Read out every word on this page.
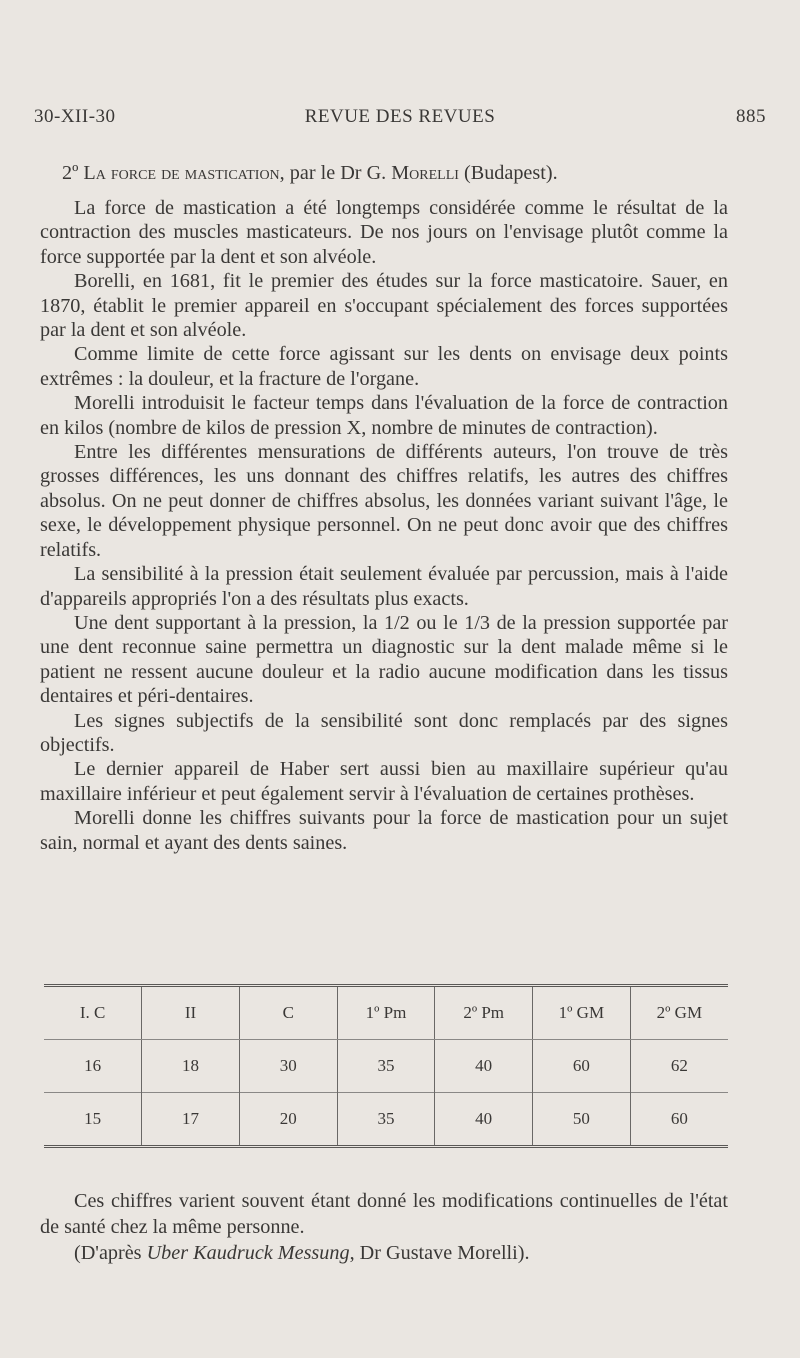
30-XII-30	REVUE DES REVUES	885
2º La force de mastication, par le Dr G. Morelli (Budapest).

La force de mastication a été longtemps considérée comme le résultat de la contraction des muscles masticateurs. De nos jours on l'envisage plutôt comme la force supportée par la dent et son alvéole.

Borelli, en 1681, fit le premier des études sur la force masticatoire. Sauer, en 1870, établit le premier appareil en s'occupant spécialement des forces supportées par la dent et son alvéole.

Comme limite de cette force agissant sur les dents on envisage deux points extrêmes : la douleur, et la fracture de l'organe.

Morelli introduisit le facteur temps dans l'évaluation de la force de contraction en kilos (nombre de kilos de pression X, nombre de minutes de contraction).

Entre les différentes mensurations de différents auteurs, l'on trouve de très grosses différences, les uns donnant des chiffres relatifs, les autres des chiffres absolus. On ne peut donner de chiffres absolus, les données variant suivant l'âge, le sexe, le développement physique personnel. On ne peut donc avoir que des chiffres relatifs.

La sensibilité à la pression était seulement évaluée par percussion, mais à l'aide d'appareils appropriés l'on a des résultats plus exacts.

Une dent supportant à la pression, la 1/2 ou le 1/3 de la pression supportée par une dent reconnue saine permettra un diagnostic sur la dent malade même si le patient ne ressent aucune douleur et la radio aucune modification dans les tissus dentaires et péri-dentaires.

Les signes subjectifs de la sensibilité sont donc remplacés par des signes objectifs.

Le dernier appareil de Haber sert aussi bien au maxillaire supérieur qu'au maxillaire inférieur et peut également servir à l'évaluation de certaines prothèses.

Morelli donne les chiffres suivants pour la force de mastication pour un sujet sain, normal et ayant des dents saines.

I. C	II	C	1º Pm	2º Pm	1º GM	2º GM
16	18	30	35	40	60	62
15	17	20	35	40	50	60

Ces chiffres varient souvent étant donné les modifications continuelles de l'état de santé chez la même personne.

(D'après Uber Kaudruck Messung, Dr Gustave Morelli).
